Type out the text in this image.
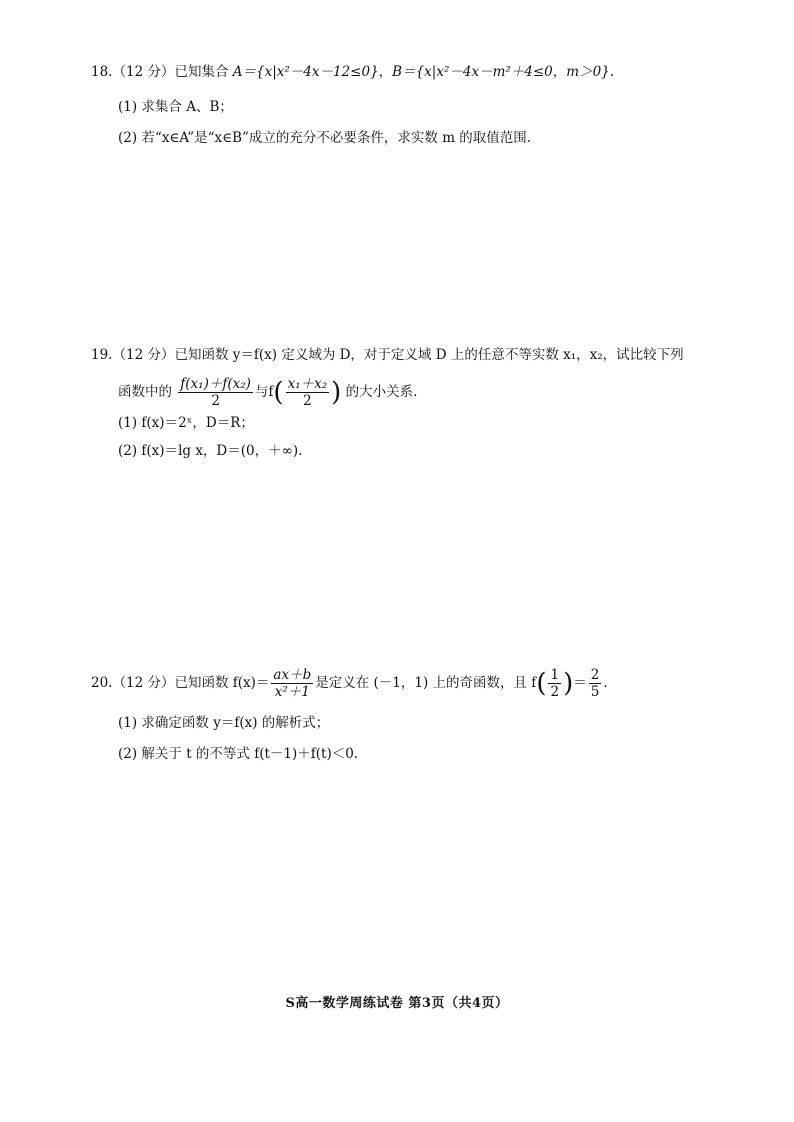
18.（12 分）已知集合 A＝{x|x²－4x－12≤0}，B＝{x|x²－4x－m²＋4≤0，m＞0}.
(1) 求集合 A、B；
(2) 若“x∈A”是“x∈B”成立的充分不必要条件，求实数 m 的取值范围.
19.（12 分）已知函数 y＝f(x) 定义域为 D，对于定义域 D 上的任意不等实数 x₁，x₂，试比较下列
函数中的 $\frac{\text{f(x₁)＋f(x₂)}}{2}$ 与$f( \frac{\text{x₁＋x₂}}{2}$ ) 的大小关系.
(1) f(x)＝2ˣ，D＝R；
(2) f(x)＝lg x，D＝(0，＋∞).
20.（12 分）已知函数 $f(x)= \frac{ax+b}{\text{x²＋1}}$ 是定义在 (－1，1) 上的奇函数，且 $f( \frac{1}{2}$ )＝ $\frac{2}{5}$ .
(1) 求确定函数 y＝f(x) 的解析式；
(2) 解关于 t 的不等式 f(t－1)＋f(t)＜0.
S高一数学周练试卷 第3页（共4页）
